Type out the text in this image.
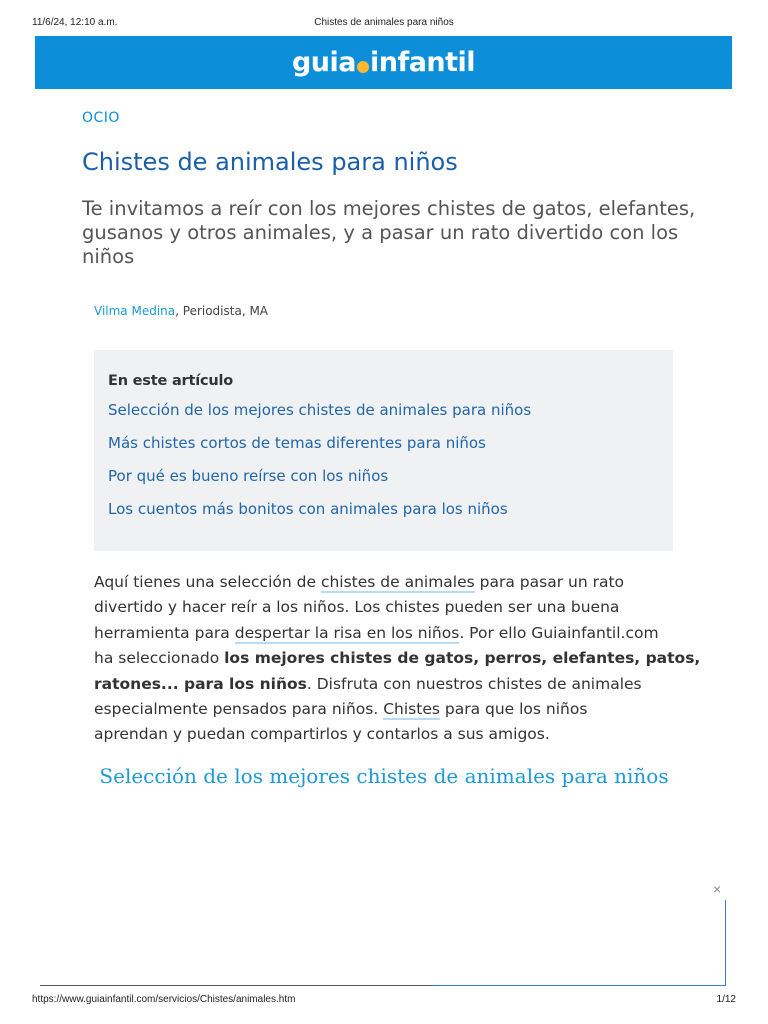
11/6/24, 12:10 a.m.	Chistes de animales para niños
guia infantil
OCIO
Chistes de animales para niños

Te invitamos a reír con los mejores chistes de gatos, elefantes, gusanos y otros animales, y a pasar un rato divertido con los niños

Vilma Medina, Periodista, MA
En este artículo
Selección de los mejores chistes de animales para niños
Más chistes cortos de temas diferentes para niños
Por qué es bueno reírse con los niños
Los cuentos más bonitos con animales para los niños

Aquí tienes una selección de chistes de animales para pasar un rato
divertido y hacer reír a los niños. Los chistes pueden ser una buena
herramienta para despertar la risa en los niños. Por ello Guiainfantil.com
ha seleccionado los mejores chistes de gatos, perros, elefantes, patos,
ratones... para los niños. Disfruta con nuestros chistes de animales
especialmente pensados para niños. Chistes para que los niños
aprendan y puedan compartirlos y contarlos a sus amigos.

Selección de los mejores chistes de animales para niños
×
https://www.guiainfantil.com/servicios/Chistes/animales.htm	1/12
